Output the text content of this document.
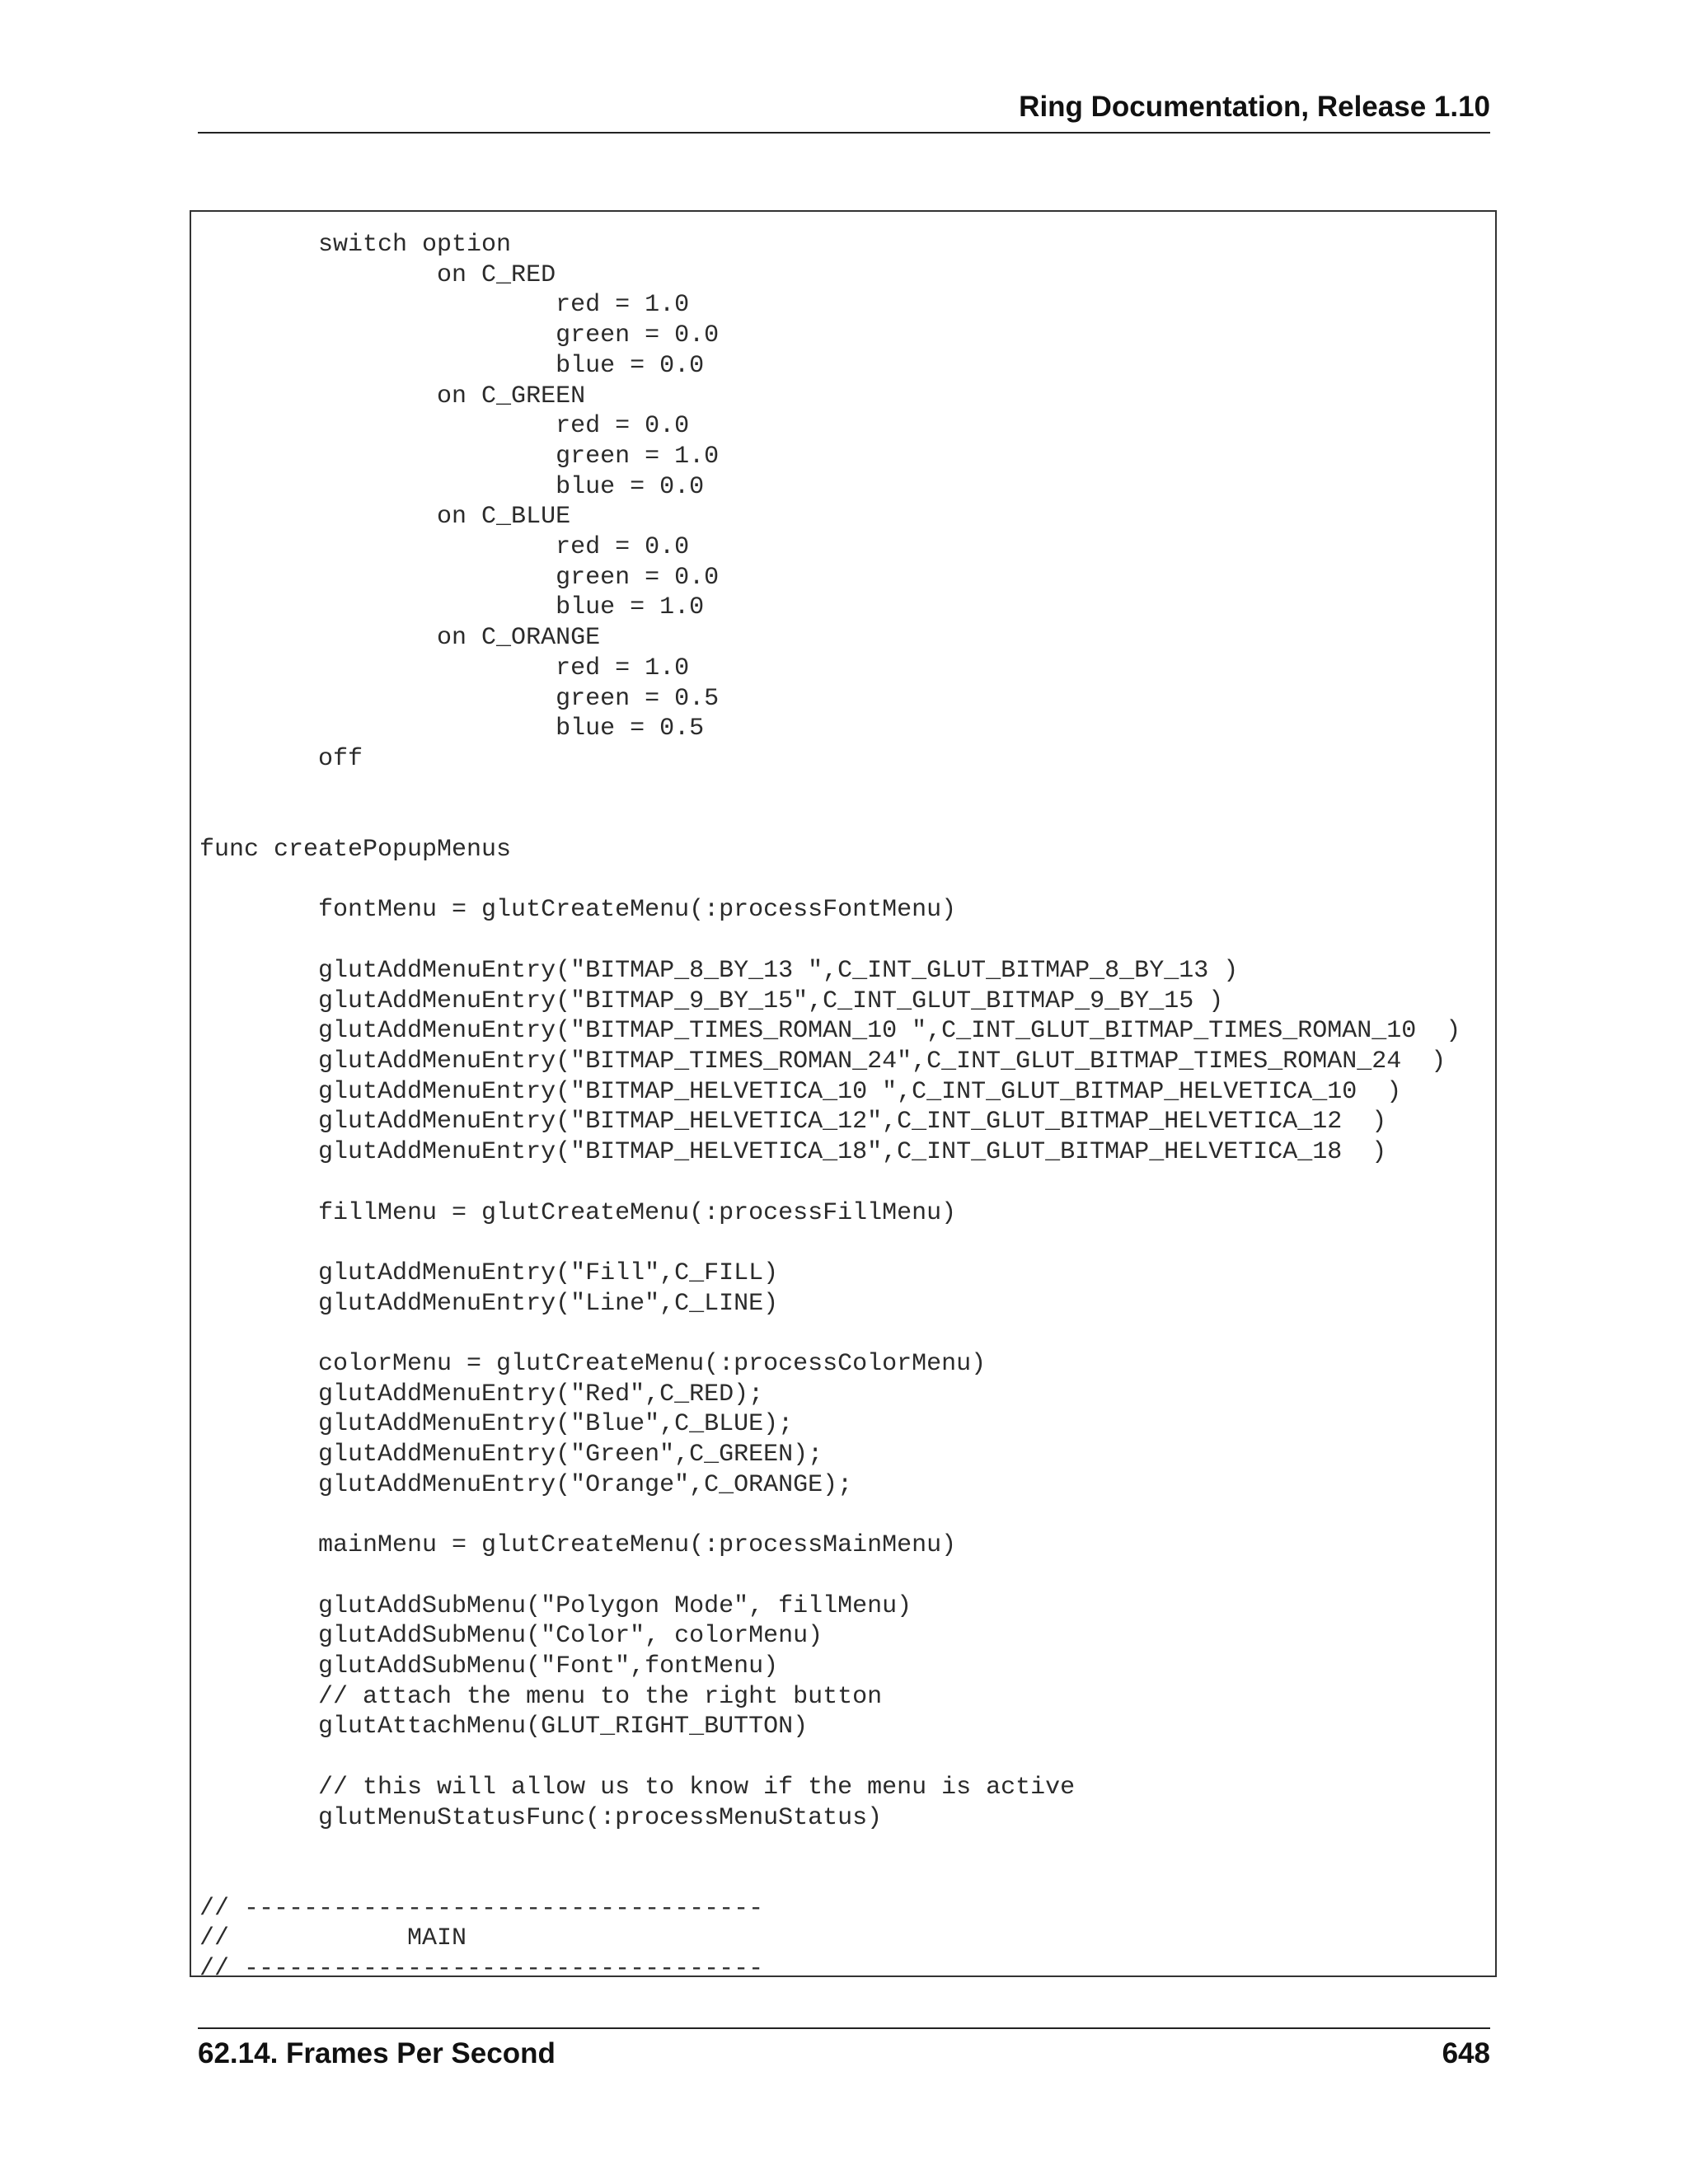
Ring Documentation, Release 1.10
switch option
on C_RED
red = 1.0
green = 0.0
blue = 0.0
on C_GREEN
red = 0.0
green = 1.0
blue = 0.0
on C_BLUE
red = 0.0
green = 0.0
blue = 1.0
on C_ORANGE
red = 1.0
green = 0.5
blue = 0.5
off

func createPopupMenus

fontMenu = glutCreateMenu(:processFontMenu)

glutAddMenuEntry("BITMAP_8_BY_13 ",C_INT_GLUT_BITMAP_8_BY_13 )
glutAddMenuEntry("BITMAP_9_BY_15",C_INT_GLUT_BITMAP_9_BY_15 )
glutAddMenuEntry("BITMAP_TIMES_ROMAN_10 ",C_INT_GLUT_BITMAP_TIMES_ROMAN_10  )
glutAddMenuEntry("BITMAP_TIMES_ROMAN_24",C_INT_GLUT_BITMAP_TIMES_ROMAN_24  )
glutAddMenuEntry("BITMAP_HELVETICA_10 ",C_INT_GLUT_BITMAP_HELVETICA_10  )
glutAddMenuEntry("BITMAP_HELVETICA_12",C_INT_GLUT_BITMAP_HELVETICA_12  )
glutAddMenuEntry("BITMAP_HELVETICA_18",C_INT_GLUT_BITMAP_HELVETICA_18  )

fillMenu = glutCreateMenu(:processFillMenu)

glutAddMenuEntry("Fill",C_FILL)
glutAddMenuEntry("Line",C_LINE)

colorMenu = glutCreateMenu(:processColorMenu)
glutAddMenuEntry("Red",C_RED);
glutAddMenuEntry("Blue",C_BLUE);
glutAddMenuEntry("Green",C_GREEN);
glutAddMenuEntry("Orange",C_ORANGE);

mainMenu = glutCreateMenu(:processMainMenu)

glutAddSubMenu("Polygon Mode", fillMenu)
glutAddSubMenu("Color", colorMenu)
glutAddSubMenu("Font",fontMenu)
// attach the menu to the right button
glutAttachMenu(GLUT_RIGHT_BUTTON)

// this will allow us to know if the menu is active
glutMenuStatusFunc(:processMenuStatus)

// -----------------------------------
//            MAIN
// -----------------------------------

62.14. Frames Per Second	648
